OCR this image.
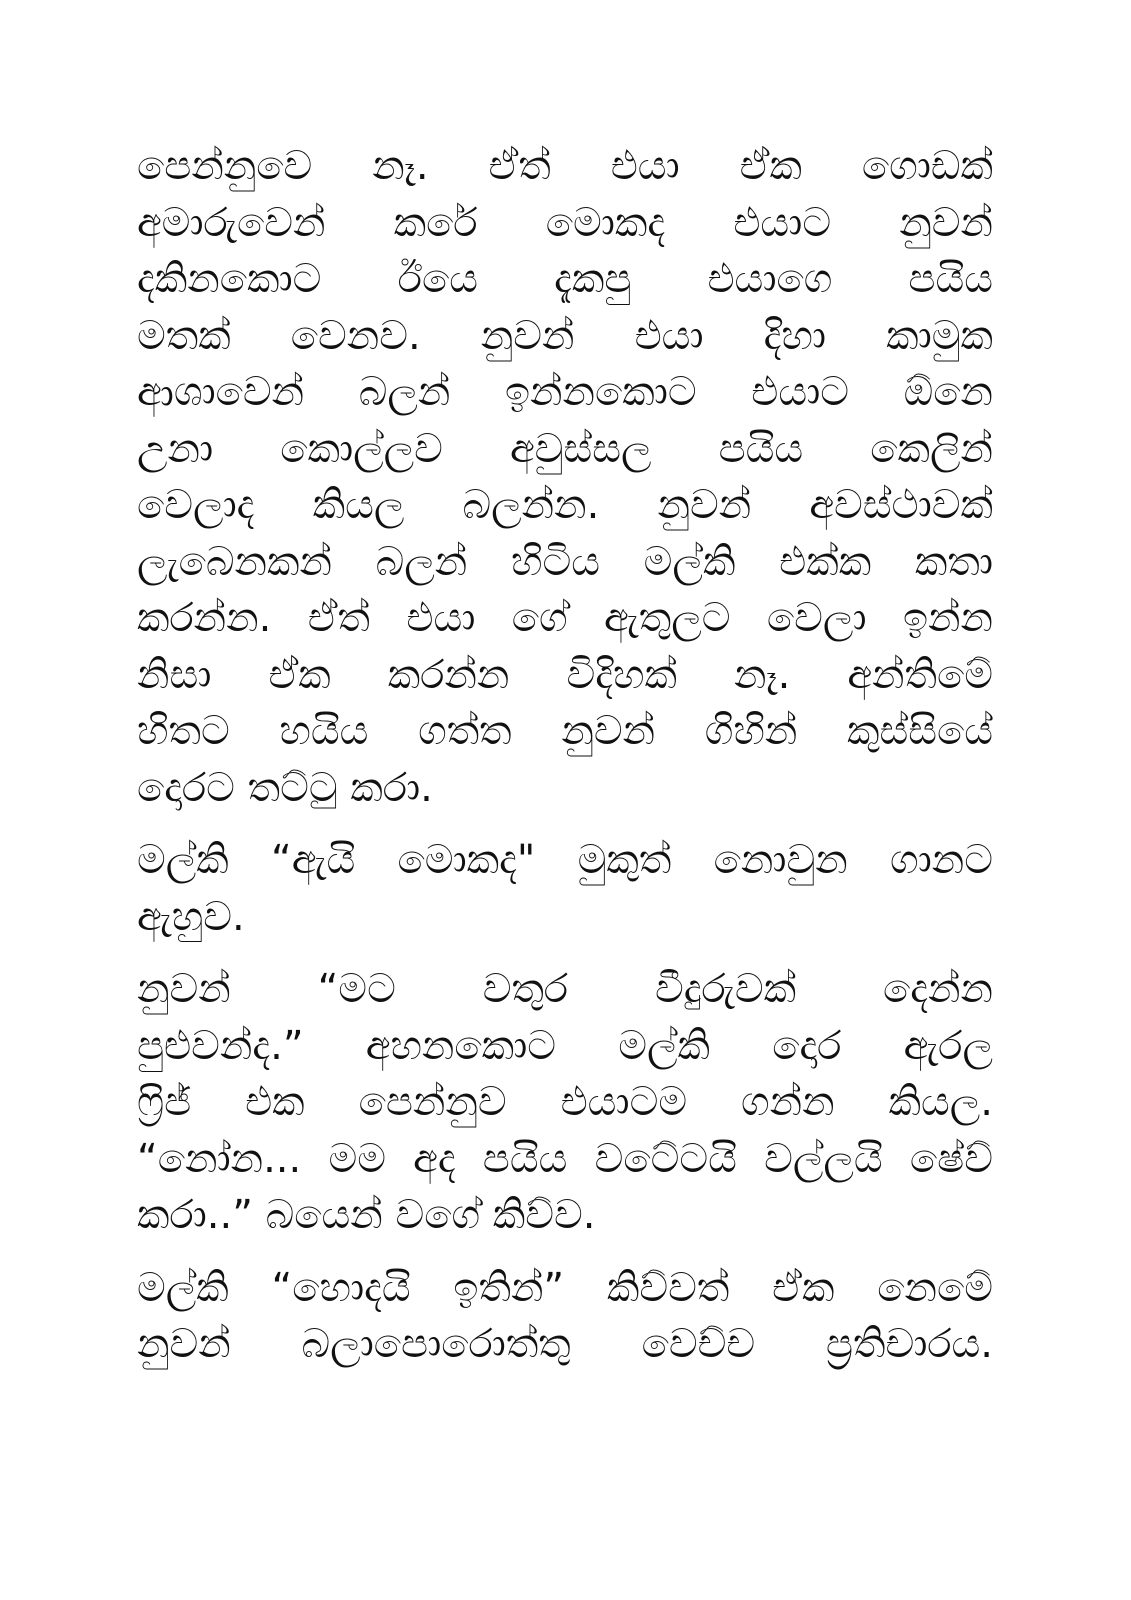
පෙන්නුවෙ නෑ. ඒත් එයා ඒක ගොඩක්
අමාරුවෙන් කරේ මොකද එයාට නුවන්
දකිනකොට ඊයෙ දැකපු එයාගෙ පයිය
මතක් වෙනව. නුවන් එයා දිහා කාමුක
ආශාවෙන් බලන් ඉන්නකොට එයාට ඕනෙ
උනා කොල්ලව අවුස්සල පයිය කෙලින්
වෙලාද කියල බලන්න. නුවන් අවස්ථාවක්
ලැබෙනකන් බලන් හිටිය මල්කි එක්ක කතා
කරන්න. ඒත් එයා ගේ ඇතුලට වෙලා ඉන්න
නිසා ඒක කරන්න විදිහක් නෑ. අන්තිමේ
හිතට හයිය ගත්ත නුවන් ගිහින් කුස්සියේ
දොරට තට්ටු කරා.
මල්කි “ඇයි මොකද" මුකුත් නොවුන ගානට
ඇහුව.
නුවන් “මට වතුර වීදුරුවක් දෙන්න
පුළුවන්ද.” අහනකොට මල්කි දොර ඇරල
ෆ්‍රිජ් එක පෙන්නුව එයාටම ගන්න කියල.
“නෝන... මම අද පයිය වටේටයි වල්ලයි ෂේව්
කරා..” බයෙන් වගේ කිව්ව.
මල්කි “හොදයි ඉතින්” කිව්වත් ඒක නෙමේ
නුවන් බලාපොරොත්තු වෙච්ච ප්‍රතිචාරය.
